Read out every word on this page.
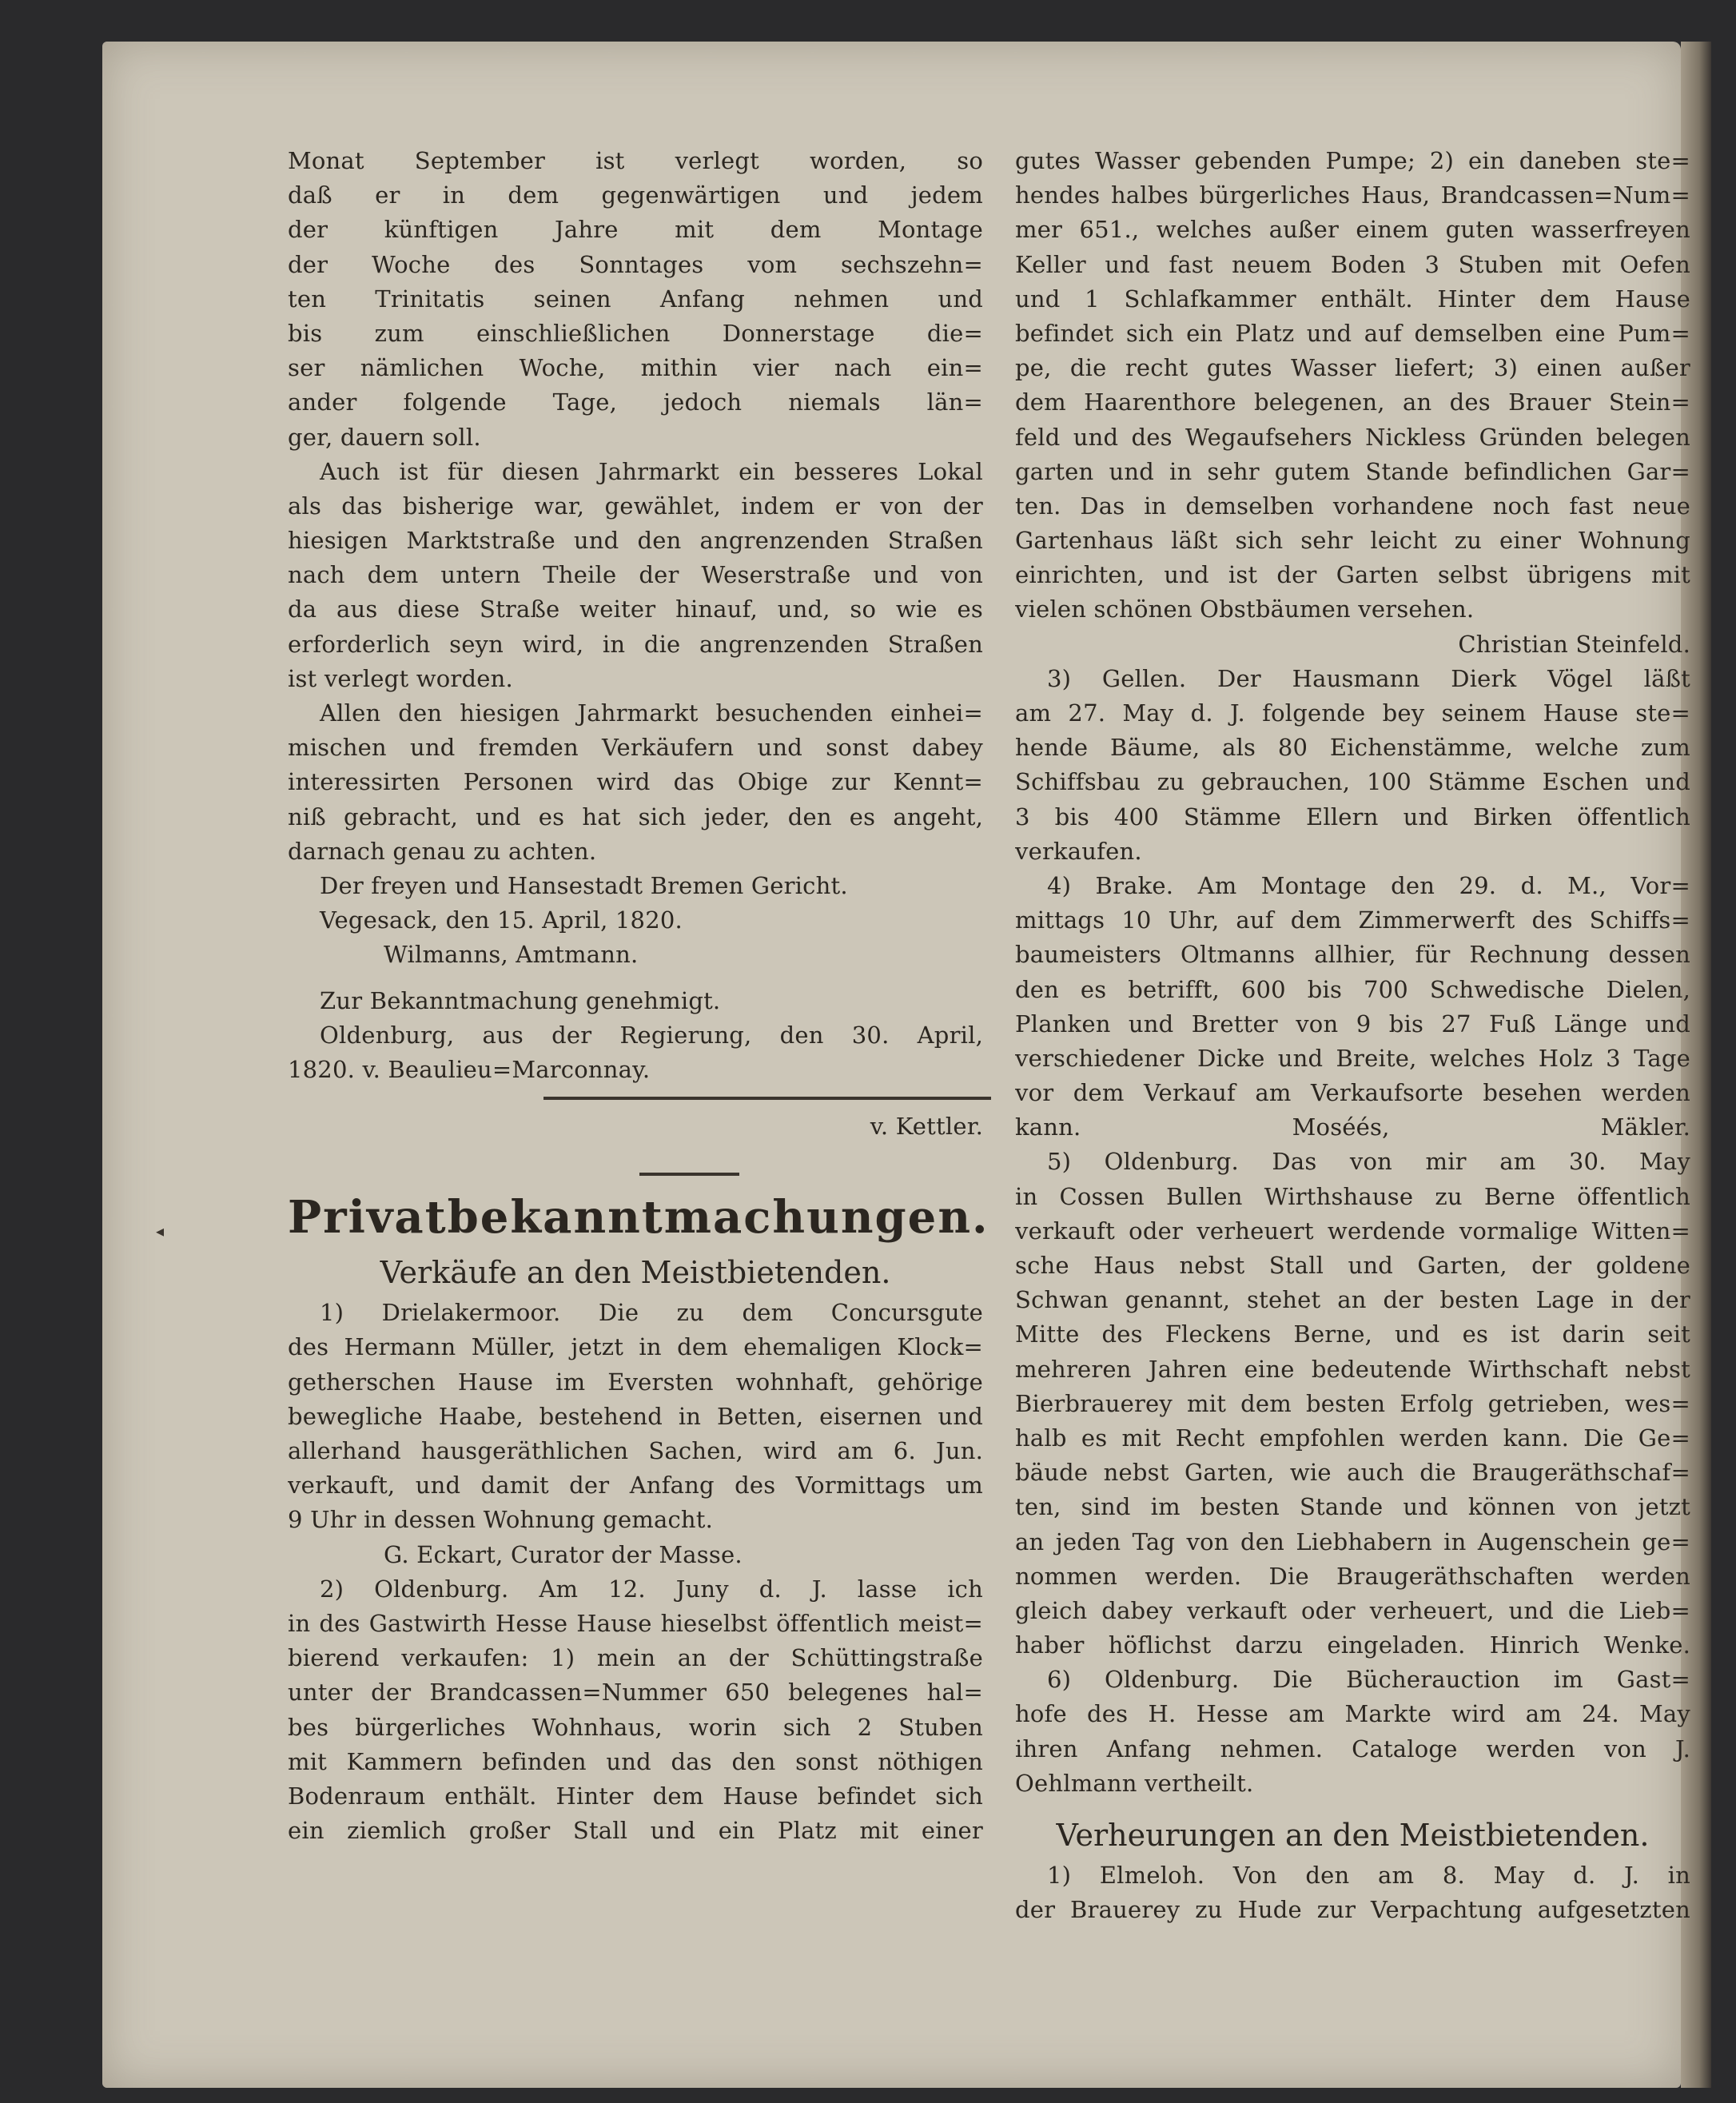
◂
Monat September ist verlegt worden, so
daß er in dem gegenwärtigen und jedem
der künftigen Jahre mit dem Montage
der Woche des Sonntages vom sechszehn=
ten Trinitatis seinen Anfang nehmen und
bis zum einschließlichen Donnerstage die=
ser nämlichen Woche, mithin vier nach ein=
ander folgende Tage, jedoch niemals län=
ger, dauern soll.
Auch ist für diesen Jahrmarkt ein besseres Lokal
als das bisherige war, gewählet, indem er von der
hiesigen Marktstraße und den angrenzenden Straßen
nach dem untern Theile der Weserstraße und von
da aus diese Straße weiter hinauf, und, so wie es
erforderlich seyn wird, in die angrenzenden Straßen
ist verlegt worden.
Allen den hiesigen Jahrmarkt besuchenden einhei=
mischen und fremden Verkäufern und sonst dabey
interessirten Personen wird das Obige zur Kennt=
niß gebracht, und es hat sich jeder, den es angeht,
darnach genau zu achten.
Der freyen und Hansestadt Bremen Gericht.
Vegesack, den 15. April, 1820.
Wilmanns, Amtmann.
Zur Bekanntmachung genehmigt.
Oldenburg, aus der Regierung, den 30. April,
1820. v. Beaulieu=Marconnay.
v. Kettler.
Privatbekanntmachungen.
Verkäufe an den Meistbietenden.
1) Drielakermoor. Die zu dem Concursgute
des Hermann Müller, jetzt in dem ehemaligen Klock=
getherschen Hause im Eversten wohnhaft, gehörige
bewegliche Haabe, bestehend in Betten, eisernen und
allerhand hausgeräthlichen Sachen, wird am 6. Jun.
verkauft, und damit der Anfang des Vormittags um
9 Uhr in dessen Wohnung gemacht.
G. Eckart, Curator der Masse.
2) Oldenburg. Am 12. Juny d. J. lasse ich
in des Gastwirth Hesse Hause hieselbst öffentlich meist=
bierend verkaufen: 1) mein an der Schüttingstraße
unter der Brandcassen=Nummer 650 belegenes hal=
bes bürgerliches Wohnhaus, worin sich 2 Stuben
mit Kammern befinden und das den sonst nöthigen
Bodenraum enthält. Hinter dem Hause befindet sich
ein ziemlich großer Stall und ein Platz mit einer
gutes Wasser gebenden Pumpe; 2) ein daneben ste=
hendes halbes bürgerliches Haus, Brandcassen=Num=
mer 651., welches außer einem guten wasserfreyen
Keller und fast neuem Boden 3 Stuben mit Oefen
und 1 Schlafkammer enthält. Hinter dem Hause
befindet sich ein Platz und auf demselben eine Pum=
pe, die recht gutes Wasser liefert; 3) einen außer
dem Haarenthore belegenen, an des Brauer Stein=
feld und des Wegaufsehers Nickless Gründen belegen
garten und in sehr gutem Stande befindlichen Gar=
ten. Das in demselben vorhandene noch fast neue
Gartenhaus läßt sich sehr leicht zu einer Wohnung
einrichten, und ist der Garten selbst übrigens mit
vielen schönen Obstbäumen versehen.
Christian Steinfeld.
3) Gellen. Der Hausmann Dierk Vögel läßt
am 27. May d. J. folgende bey seinem Hause ste=
hende Bäume, als 80 Eichenstämme, welche zum
Schiffsbau zu gebrauchen, 100 Stämme Eschen und
3 bis 400 Stämme Ellern und Birken öffentlich
verkaufen.
4) Brake. Am Montage den 29. d. M., Vor=
mittags 10 Uhr, auf dem Zimmerwerft des Schiffs=
baumeisters Oltmanns allhier, für Rechnung dessen
den es betrifft, 600 bis 700 Schwedische Dielen,
Planken und Bretter von 9 bis 27 Fuß Länge und
verschiedener Dicke und Breite, welches Holz 3 Tage
vor dem Verkauf am Verkaufsorte besehen werden
kann. Moséés, Mäkler.
5) Oldenburg. Das von mir am 30. May
in Cossen Bullen Wirthshause zu Berne öffentlich
verkauft oder verheuert werdende vormalige Witten=
sche Haus nebst Stall und Garten, der goldene
Schwan genannt, stehet an der besten Lage in der
Mitte des Fleckens Berne, und es ist darin seit
mehreren Jahren eine bedeutende Wirthschaft nebst
Bierbrauerey mit dem besten Erfolg getrieben, wes=
halb es mit Recht empfohlen werden kann. Die Ge=
bäude nebst Garten, wie auch die Braugeräthschaf=
ten, sind im besten Stande und können von jetzt
an jeden Tag von den Liebhabern in Augenschein ge=
nommen werden. Die Braugeräthschaften werden
gleich dabey verkauft oder verheuert, und die Lieb=
haber höflichst darzu eingeladen. Hinrich Wenke.
6) Oldenburg. Die Bücherauction im Gast=
hofe des H. Hesse am Markte wird am 24. May
ihren Anfang nehmen. Cataloge werden von J.
Oehlmann vertheilt.
Verheurungen an den Meistbietenden.
1) Elmeloh. Von den am 8. May d. J. in
der Brauerey zu Hude zur Verpachtung aufgesetzten
